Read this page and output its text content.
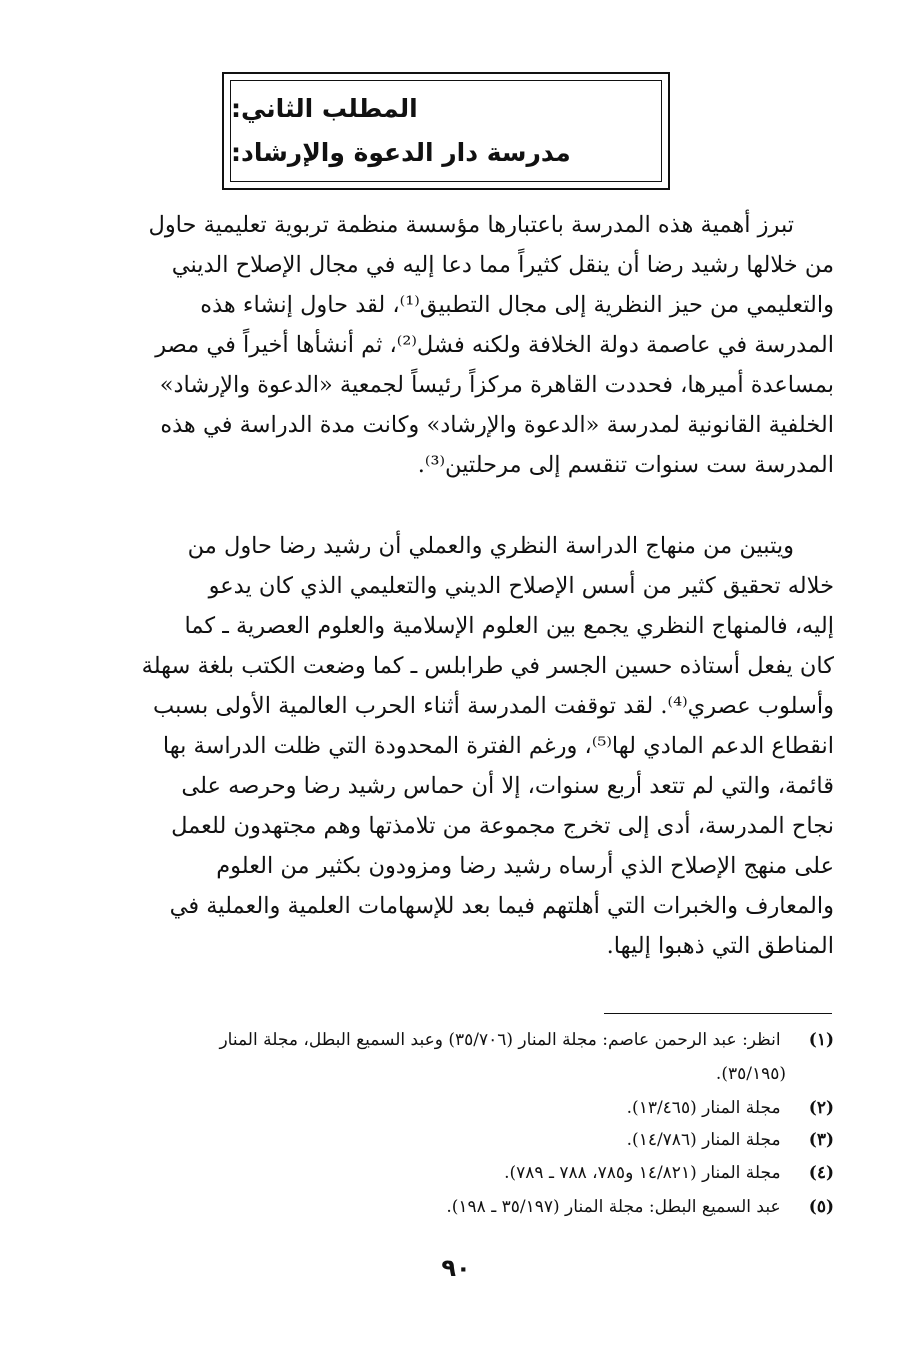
المطلب الثاني:
مدرسة دار الدعوة والإرشاد:
تبرز أهمية هذه المدرسة باعتبارها مؤسسة منظمة تربوية تعليمية حاول
من خلالها رشيد رضا أن ينقل كثيراً مما دعا إليه في مجال الإصلاح الديني
والتعليمي من حيز النظرية إلى مجال التطبيق⁽¹⁾، لقد حاول إنشاء هذه
المدرسة في عاصمة دولة الخلافة ولكنه فشل⁽²⁾، ثم أنشأها أخيراً في مصر
بمساعدة أميرها، فحددت القاهرة مركزاً رئيساً لجمعية «الدعوة والإرشاد»
الخلفية القانونية لمدرسة «الدعوة والإرشاد» وكانت مدة الدراسة في هذه
المدرسة ست سنوات تنقسم إلى مرحلتين⁽³⁾.
ويتبين من منهاج الدراسة النظري والعملي أن رشيد رضا حاول من
خلاله تحقيق كثير من أسس الإصلاح الديني والتعليمي الذي كان يدعو
إليه، فالمنهاج النظري يجمع بين العلوم الإسلامية والعلوم العصرية ـ كما
كان يفعل أستاذه حسين الجسر في طرابلس ـ كما وضعت الكتب بلغة سهلة
وأسلوب عصري⁽⁴⁾. لقد توقفت المدرسة أثناء الحرب العالمية الأولى بسبب
انقطاع الدعم المادي لها⁽⁵⁾، ورغم الفترة المحدودة التي ظلت الدراسة بها
قائمة، والتي لم تتعد أربع سنوات، إلا أن حماس رشيد رضا وحرصه على
نجاح المدرسة، أدى إلى تخرج مجموعة من تلامذتها وهم مجتهدون للعمل
على منهج الإصلاح الذي أرساه رشيد رضا ومزودون بكثير من العلوم
والمعارف والخبرات التي أهلتهم فيما بعد للإسهامات العلمية والعملية في
المناطق التي ذهبوا إليها.
(١) انظر: عبد الرحمن عاصم: مجلة المنار (٣٥/٧٠٦) وعبد السميع البطل، مجلة المنار
(٣٥/١٩٥).
(٢) مجلة المنار (١٣/٤٦٥).
(٣) مجلة المنار (١٤/٧٨٦).
(٤) مجلة المنار (١٤/٨٢١ و٧٨٥، ٧٨٨ ـ ٧٨٩).
(٥) عبد السميع البطل: مجلة المنار (٣٥/١٩٧ ـ ١٩٨).
٩٠
